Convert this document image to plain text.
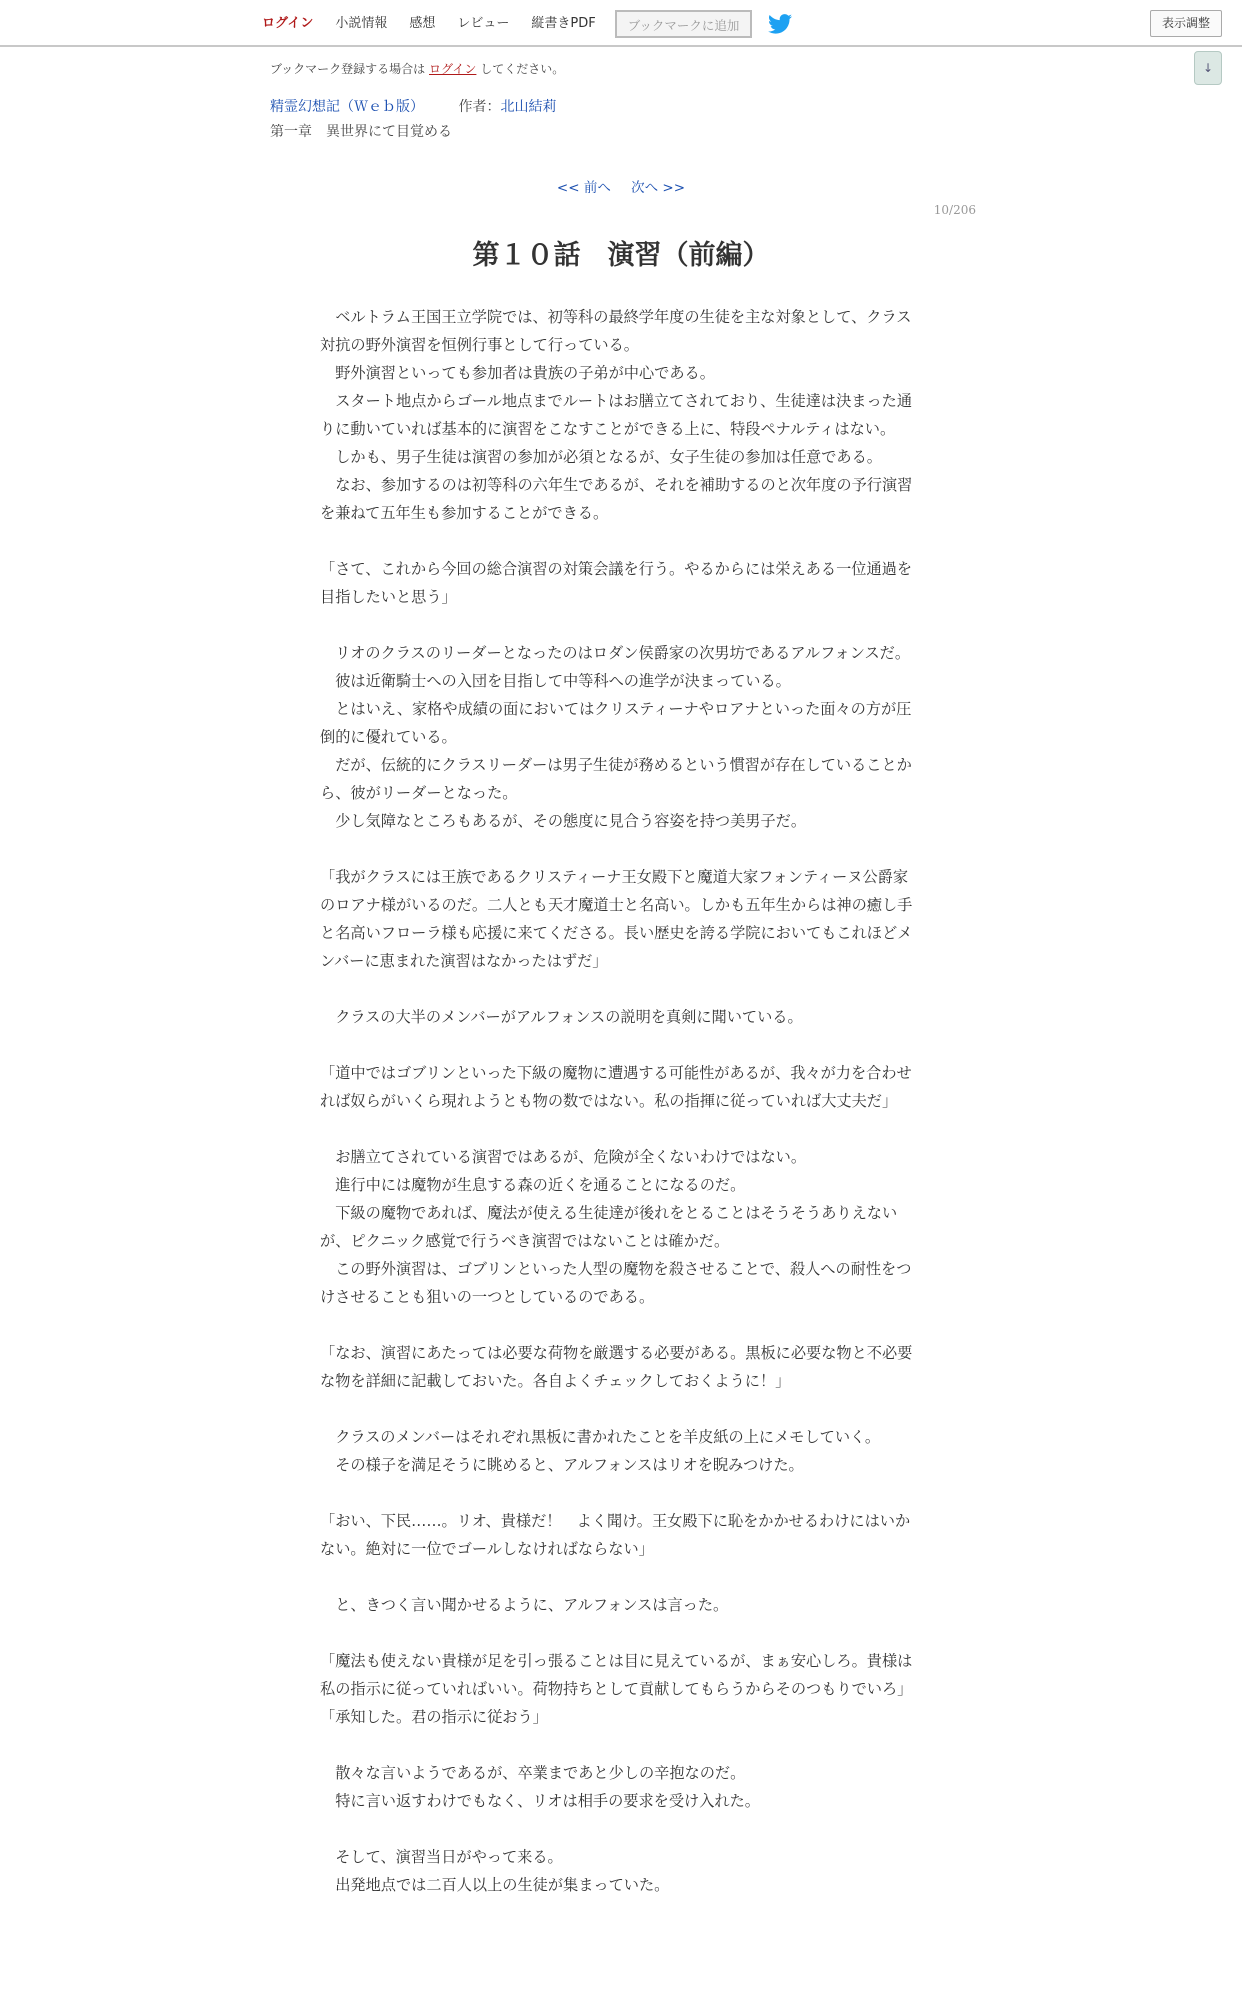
ログイン	小説情報	感想	レビュー	縦書きPDF	ブックマークに追加	表示調整
↓
ブックマーク登録する場合は ログイン してください。
精霊幻想記（Ｗｅｂ版） 作者：北山結莉
第一章　異世界にて目覚める
<< 前へ 次へ >>
10/206
第１０話　演習（前編）

　ベルトラム王国王立学院では、初等科の最終学年度の生徒を主な対象として、クラス対抗の野外演習を恒例行事として行っている。

　野外演習といっても参加者は貴族の子弟が中心である。

　スタート地点からゴール地点までルートはお膳立てされており、生徒達は決まった通りに動いていれば基本的に演習をこなすことができる上に、特段ペナルティはない。

　しかも、男子生徒は演習の参加が必須となるが、女子生徒の参加は任意である。

　なお、参加するのは初等科の六年生であるが、それを補助するのと次年度の予行演習を兼ねて五年生も参加することができる。

「さて、これから今回の総合演習の対策会議を行う。やるからには栄えある一位通過を目指したいと思う」

　リオのクラスのリーダーとなったのはロダン侯爵家の次男坊であるアルフォンスだ。

　彼は近衛騎士への入団を目指して中等科への進学が決まっている。

　とはいえ、家格や成績の面においてはクリスティーナやロアナといった面々の方が圧倒的に優れている。

　だが、伝統的にクラスリーダーは男子生徒が務めるという慣習が存在していることから、彼がリーダーとなった。

　少し気障なところもあるが、その態度に見合う容姿を持つ美男子だ。

「我がクラスには王族であるクリスティーナ王女殿下と魔道大家フォンティーヌ公爵家のロアナ様がいるのだ。二人とも天才魔道士と名高い。しかも五年生からは神の癒し手と名高いフローラ様も応援に来てくださる。長い歴史を誇る学院においてもこれほどメンバーに恵まれた演習はなかったはずだ」

　クラスの大半のメンバーがアルフォンスの説明を真剣に聞いている。

「道中ではゴブリンといった下級の魔物に遭遇する可能性があるが、我々が力を合わせれば奴らがいくら現れようとも物の数ではない。私の指揮に従っていれば大丈夫だ」

　お膳立てされている演習ではあるが、危険が全くないわけではない。

　進行中には魔物が生息する森の近くを通ることになるのだ。

　下級の魔物であれば、魔法が使える生徒達が後れをとることはそうそうありえないが、ピクニック感覚で行うべき演習ではないことは確かだ。

　この野外演習は、ゴブリンといった人型の魔物を殺させることで、殺人への耐性をつけさせることも狙いの一つとしているのである。

「なお、演習にあたっては必要な荷物を厳選する必要がある。黒板に必要な物と不必要な物を詳細に記載しておいた。各自よくチェックしておくように！」

　クラスのメンバーはそれぞれ黒板に書かれたことを羊皮紙の上にメモしていく。

　その様子を満足そうに眺めると、アルフォンスはリオを睨みつけた。

「おい、下民……。リオ、貴様だ！　よく聞け。王女殿下に恥をかかせるわけにはいかない。絶対に一位でゴールしなければならない」

　と、きつく言い聞かせるように、アルフォンスは言った。

「魔法も使えない貴様が足を引っ張ることは目に見えているが、まぁ安心しろ。貴様は私の指示に従っていればいい。荷物持ちとして貢献してもらうからそのつもりでいろ」

「承知した。君の指示に従おう」

　散々な言いようであるが、卒業まであと少しの辛抱なのだ。

　特に言い返すわけでもなく、リオは相手の要求を受け入れた。

　そして、演習当日がやって来る。

　出発地点では二百人以上の生徒が集まっていた。
